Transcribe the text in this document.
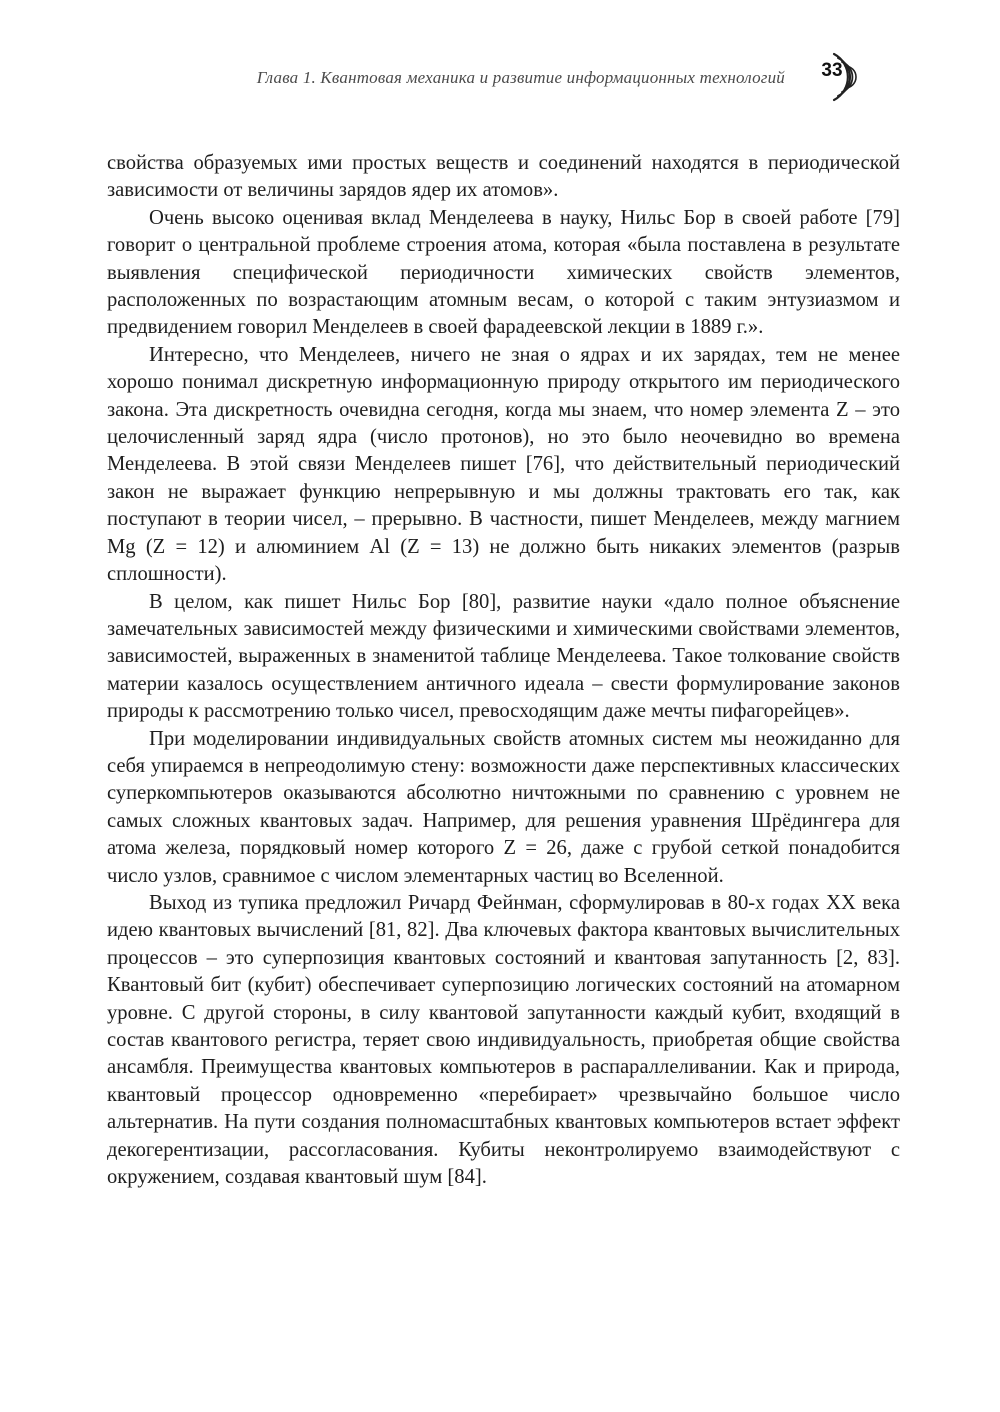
Глава 1. Квантовая механика и развитие информационных технологий 33

свойства образуемых ими простых веществ и соединений находятся в периодической зависимости от величины зарядов ядер их атомов».

Очень высоко оценивая вклад Менделеева в науку, Нильс Бор в своей работе [79] говорит о центральной проблеме строения атома, которая «была поставлена в результате выявления специфической периодичности химических свойств элементов, расположенных по возрастающим атомным весам, о которой с таким энтузиазмом и предвидением говорил Менделеев в своей фарадеевской лекции в 1889 г.».

Интересно, что Менделеев, ничего не зная о ядрах и их зарядах, тем не менее хорошо понимал дискретную информационную природу открытого им периодического закона. Эта дискретность очевидна сегодня, когда мы знаем, что номер элемента Z – это целочисленный заряд ядра (число протонов), но это было неочевидно во времена Менделеева. В этой связи Менделеев пишет [76], что действительный периодический закон не выражает функцию непрерывную и мы должны трактовать его так, как поступают в теории чисел, – прерывно. В частности, пишет Менделеев, между магнием Mg (Z = 12) и алюминием Al (Z = 13) не должно быть никаких элементов (разрыв сплошности).

В целом, как пишет Нильс Бор [80], развитие науки «дало полное объяснение замечательных зависимостей между физическими и химическими свойствами элементов, зависимостей, выраженных в знаменитой таблице Менделеева. Такое толкование свойств материи казалось осуществлением античного идеала – свести формулирование законов природы к рассмотрению только чисел, превосходящим даже мечты пифагорейцев».

При моделировании индивидуальных свойств атомных систем мы неожиданно для себя упираемся в непреодолимую стену: возможности даже перспективных классических суперкомпьютеров оказываются абсолютно ничтожными по сравнению с уровнем не самых сложных квантовых задач. Например, для решения уравнения Шрёдингера для атома железа, порядковый номер которого Z = 26, даже с грубой сеткой понадобится число узлов, сравнимое с числом элементарных частиц во Вселенной.

Выход из тупика предложил Ричард Фейнман, сформулировав в 80-х годах XX века идею квантовых вычислений [81, 82]. Два ключевых фактора квантовых вычислительных процессов – это суперпозиция квантовых состояний и квантовая запутанность [2, 83]. Квантовый бит (кубит) обеспечивает суперпозицию логических состояний на атомарном уровне. С другой стороны, в силу квантовой запутанности каждый кубит, входящий в состав квантового регистра, теряет свою индивидуальность, приобретая общие свойства ансамбля. Преимущества квантовых компьютеров в распараллеливании. Как и природа, квантовый процессор одновременно «перебирает» чрезвычайно большое число альтернатив. На пути создания полномасштабных квантовых компьютеров встает эффект декогерентизации, рассогласования. Кубиты неконтролируемо взаимодействуют с окружением, создавая квантовый шум [84].
